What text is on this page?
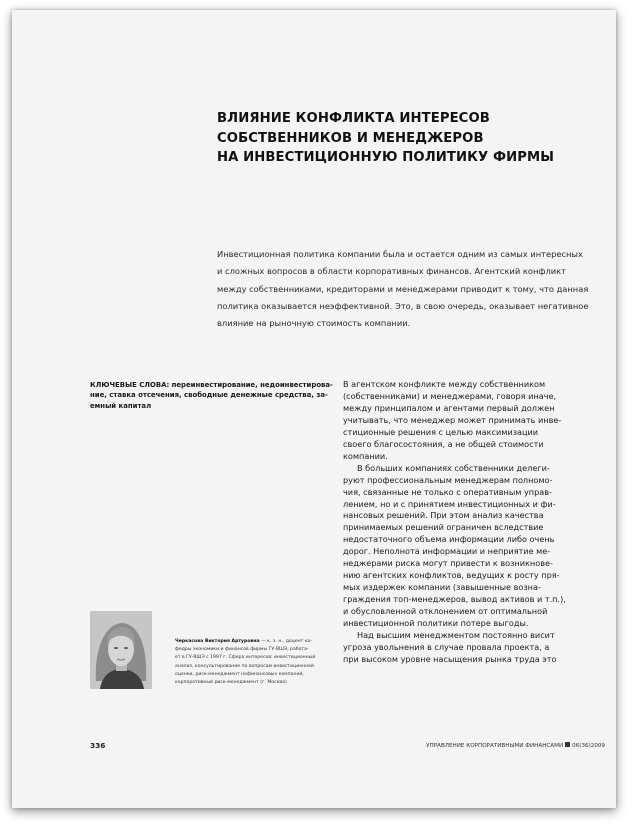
ВЛИЯНИЕ КОНФЛИКТА ИНТЕРЕСОВ
СОБСТВЕННИКОВ И МЕНЕДЖЕРОВ
НА ИНВЕСТИЦИОННУЮ ПОЛИТИКУ ФИРМЫ
Инвестиционная политика компании была и остается одним из самых интересных
и сложных вопросов в области корпоративных финансов. Агентский конфликт
между собственниками, кредиторами и менеджерами приводит к тому, что данная
политика оказывается неэффективной. Это, в свою очередь, оказывает негативное
влияние на рыночную стоимость компании.
КЛЮЧЕВЫЕ СЛОВА: переинвестирование, недоинвестирова-
ние, ставка отсечения, свободные денежные средства, за-
емный капитал
В агентском конфликте между собственником
(собственниками) и менеджерами, говоря иначе,
между принципалом и агентами первый должен
учитывать, что менеджер может принимать инве-
стиционные решения с целью максимизации
своего благосостояния, а не общей стоимости
компании.
В больших компаниях собственники делеги-
руют профессиональным менеджерам полномо-
чия, связанные не только с оперативным управ-
лением, но и с принятием инвестиционных и фи-
нансовых решений. При этом анализ качества
принимаемых решений ограничен вследствие
недостаточного объема информации либо очень
дорог. Неполнота информации и неприятие ме-
неджерами риска могут привести к возникнове-
нию агентских конфликтов, ведущих к росту пря-
мых издержек компании (завышенные возна-
граждения топ-менеджеров, вывод активов и т.п.),
и обусловленной отклонением от оптимальной
инвестиционной политики потере выгоды.
Над высшим менеджментом постоянно висит
угроза увольнения в случае провала проекта, а
при высоком уровне насыщения рынка труда это
Черкасова Виктория Артуровна — к. э. н., доцент ка-
федры экономики и финансов фирмы ГУ-ВШЭ, работа-
ет в ГУ-ВШЭ с 1997 г. Сфера интересов: инвестиционный
анализ, консультирование по вопросам инвестиционной
оценки, риск-менеджмент нефинансовых компаний,
корпоративный риск-менеджмент (г. Москва)
336	УПРАВЛЕНИЕ КОРПОРАТИВНЫМИ ФИНАНСАМИ 06(36)2009
